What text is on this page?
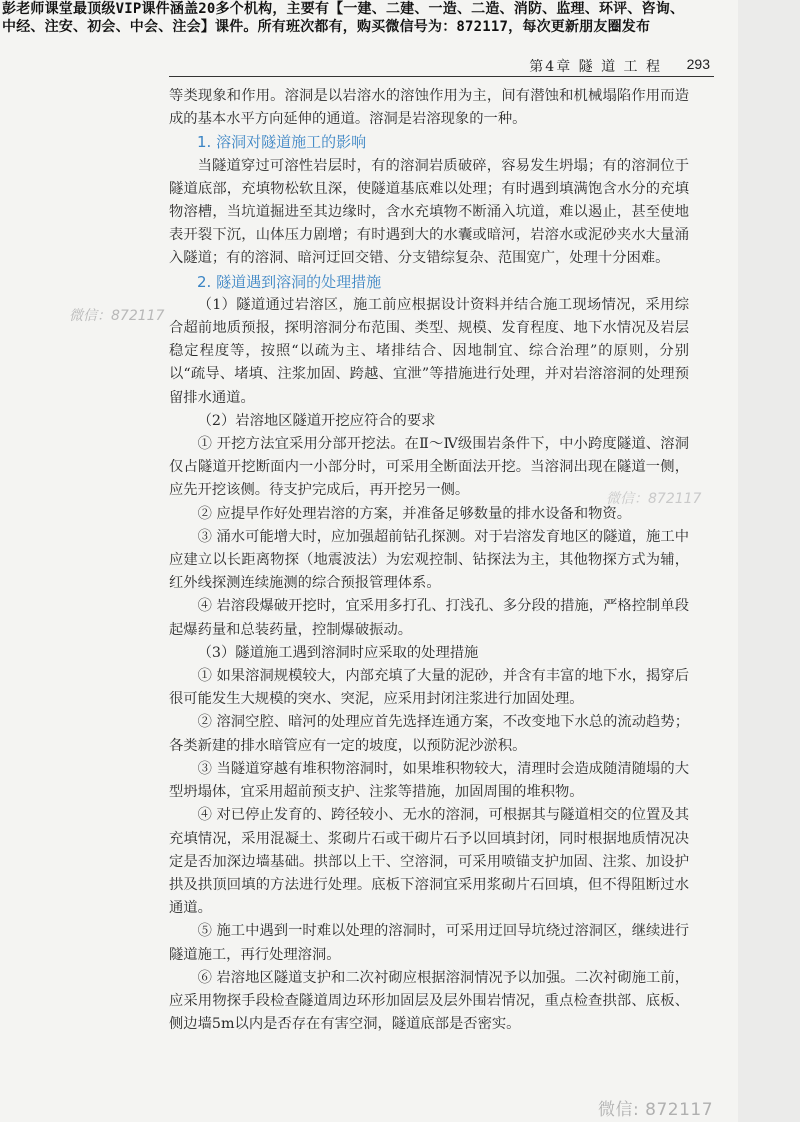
彭老师课堂最顶级VIP课件涵盖20多个机构，主要有【一建、二建、一造、二造、消防、监理、环评、咨询、
中经、注安、初会、中会、注会】课件。所有班次都有，购买微信号为：872117，每次更新朋友圈发布
第4章 隧 道 工 程 293

等类现象和作用。溶洞是以岩溶水的溶蚀作用为主，间有潜蚀和机械塌陷作用而造成的基本水平方向延伸的通道。溶洞是岩溶现象的一种。

1. 溶洞对隧道施工的影响

当隧道穿过可溶性岩层时，有的溶洞岩质破碎，容易发生坍塌；有的溶洞位于隧道底部，充填物松软且深，使隧道基底难以处理；有时遇到填满饱含水分的充填物溶槽，当坑道掘进至其边缘时，含水充填物不断涌入坑道，难以遏止，甚至使地表开裂下沉，山体压力剧增；有时遇到大的水囊或暗河，岩溶水或泥砂夹水大量涌入隧道；有的溶洞、暗河迂回交错、分支错综复杂、范围宽广，处理十分困难。

2. 隧道遇到溶洞的处理措施

（1）隧道通过岩溶区，施工前应根据设计资料并结合施工现场情况，采用综合超前地质预报，探明溶洞分布范围、类型、规模、发育程度、地下水情况及岩层稳定程度等，按照“以疏为主、堵排结合、因地制宜、综合治理”的原则，分别以“疏导、堵填、注浆加固、跨越、宜泄”等措施进行处理，并对岩溶溶洞的处理预留排水通道。

（2）岩溶地区隧道开挖应符合的要求

① 开挖方法宜采用分部开挖法。在Ⅱ～Ⅳ级围岩条件下，中小跨度隧道、溶洞仅占隧道开挖断面内一小部分时，可采用全断面法开挖。当溶洞出现在隧道一侧，应先开挖该侧。待支护完成后，再开挖另一侧。

② 应提早作好处理岩溶的方案，并准备足够数量的排水设备和物资。

③ 涌水可能增大时，应加强超前钻孔探测。对于岩溶发育地区的隧道，施工中应建立以长距离物探（地震波法）为宏观控制、钻探法为主，其他物探方式为辅，红外线探测连续施测的综合预报管理体系。

④ 岩溶段爆破开挖时，宜采用多打孔、打浅孔、多分段的措施，严格控制单段起爆药量和总装药量，控制爆破振动。

（3）隧道施工遇到溶洞时应采取的处理措施

① 如果溶洞规模较大，内部充填了大量的泥砂，并含有丰富的地下水，揭穿后很可能发生大规模的突水、突泥，应采用封闭注浆进行加固处理。

② 溶洞空腔、暗河的处理应首先选择连通方案，不改变地下水总的流动趋势；各类新建的排水暗管应有一定的坡度，以预防泥沙淤积。

③ 当隧道穿越有堆积物溶洞时，如果堆积物较大，清理时会造成随清随塌的大型坍塌体，宜采用超前预支护、注浆等措施，加固周围的堆积物。

④ 对已停止发育的、跨径较小、无水的溶洞，可根据其与隧道相交的位置及其充填情况，采用混凝土、浆砌片石或干砌片石予以回填封闭，同时根据地质情况决定是否加深边墙基础。拱部以上干、空溶洞，可采用喷锚支护加固、注浆、加设护拱及拱顶回填的方法进行处理。底板下溶洞宜采用浆砌片石回填，但不得阻断过水通道。

⑤ 施工中遇到一时难以处理的溶洞时，可采用迂回导坑绕过溶洞区，继续进行隧道施工，再行处理溶洞。

⑥ 岩溶地区隧道支护和二次衬砌应根据溶洞情况予以加强。二次衬砌施工前，应采用物探手段检查隧道周边环形加固层及层外围岩情况，重点检查拱部、底板、侧边墙5m以内是否存在有害空洞，隧道底部是否密实。

微信：872117
微信：872117
微信: 872117
